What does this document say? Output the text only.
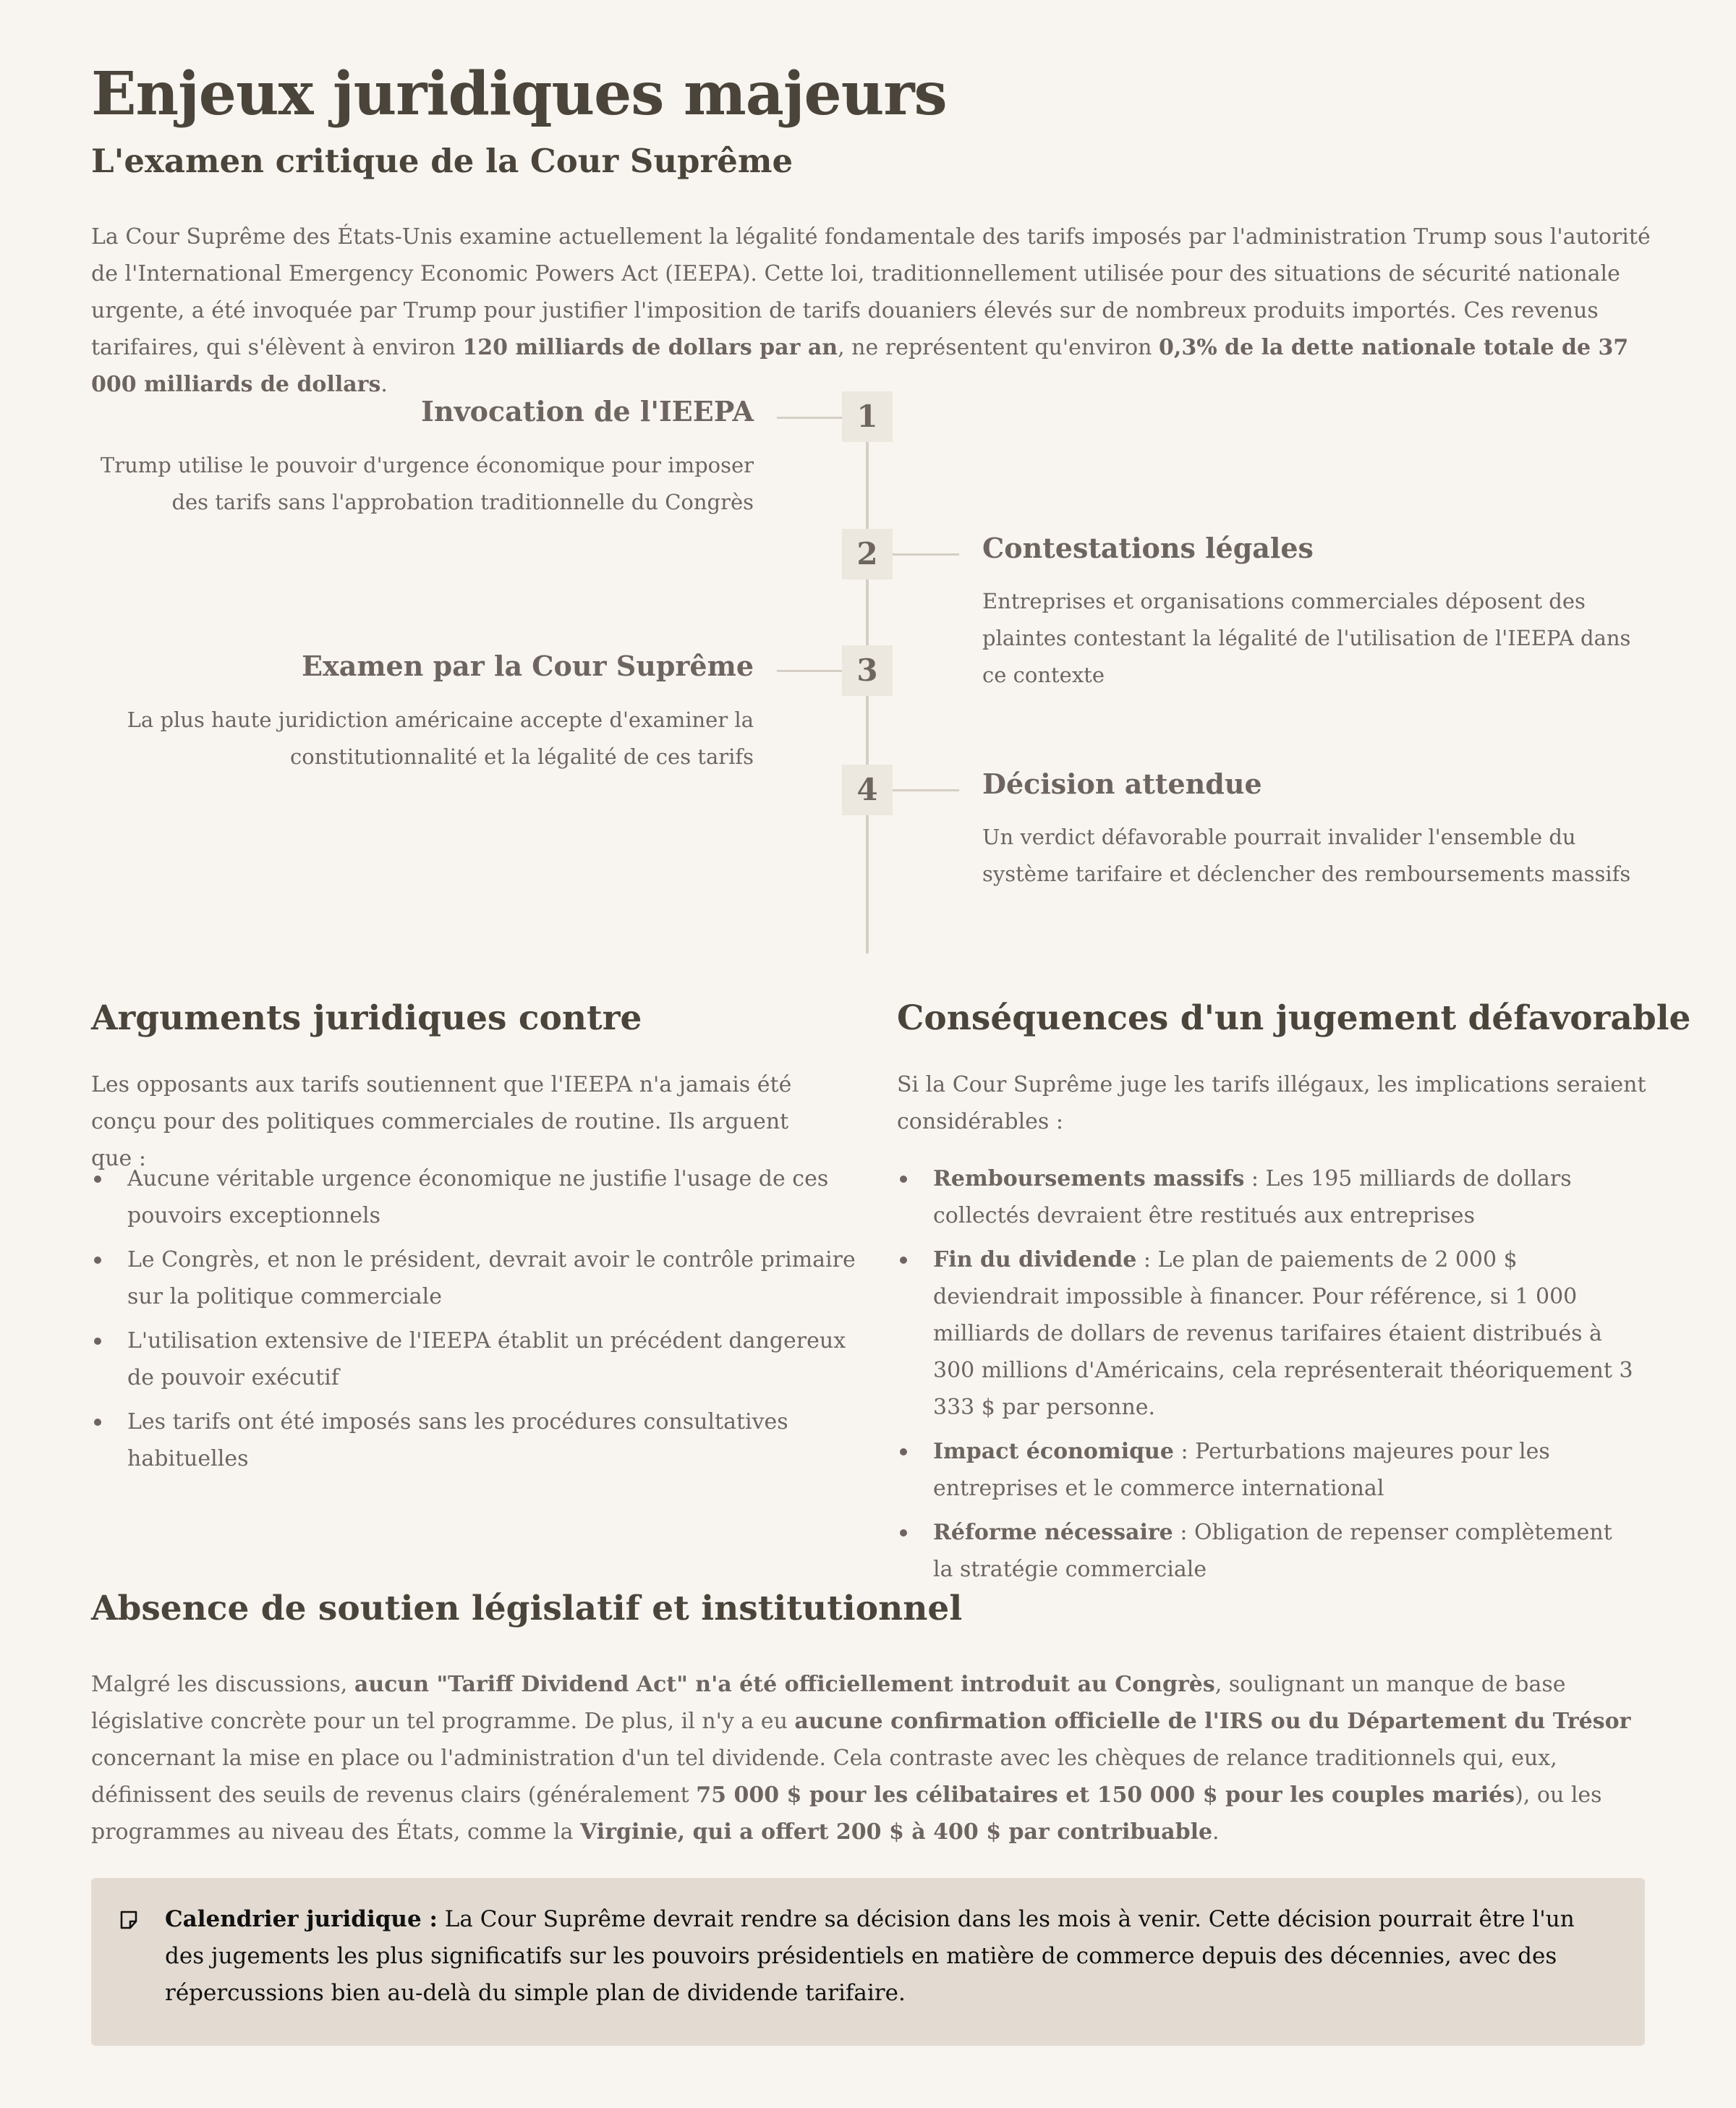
Enjeux juridiques majeurs
L'examen critique de la Cour Suprême

La Cour Suprême des États-Unis examine actuellement la légalité fondamentale des tarifs imposés par l'administration Trump sous l'autorité de l'International Emergency Economic Powers Act (IEEPA). Cette loi, traditionnellement utilisée pour des situations de sécurité nationale urgente, a été invoquée par Trump pour justifier l'imposition de tarifs douaniers élevés sur de nombreux produits importés. Ces revenus tarifaires, qui s'élèvent à environ 120 milliards de dollars par an, ne représentent qu'environ 0,3% de la dette nationale totale de 37 000 milliards de dollars.

1
Invocation de l'IEEPA
Trump utilise le pouvoir d'urgence économique pour imposer des tarifs sans l'approbation traditionnelle du Congrès
2	Contestations légales
Entreprises et organisations commerciales déposent des plaintes contestant la légalité de l'utilisation de l'IEEPA dans ce contexte
3
Examen par la Cour Suprême
La plus haute juridiction américaine accepte d'examiner la constitutionnalité et la légalité de ces tarifs
4	Décision attendue
Un verdict défavorable pourrait invalider l'ensemble du système tarifaire et déclencher des remboursements massifs
Arguments juridiques contre

Les opposants aux tarifs soutiennent que l'IEEPA n'a jamais été conçu pour des politiques commerciales de routine. Ils arguent que :

Aucune véritable urgence économique ne justifie l'usage de ces pouvoirs exceptionnels
Le Congrès, et non le président, devrait avoir le contrôle primaire sur la politique commerciale
L'utilisation extensive de l'IEEPA établit un précédent dangereux de pouvoir exécutif
Les tarifs ont été imposés sans les procédures consultatives habituelles
Conséquences d'un jugement défavorable

Si la Cour Suprême juge les tarifs illégaux, les implications seraient considérables :

Remboursements massifs : Les 195 milliards de dollars collectés devraient être restitués aux entreprises
Fin du dividende : Le plan de paiements de 2 000 $ deviendrait impossible à financer. Pour référence, si 1 000 milliards de dollars de revenus tarifaires étaient distribués à 300 millions d'Américains, cela représenterait théoriquement 3 333 $ par personne.
Impact économique : Perturbations majeures pour les entreprises et le commerce international
Réforme nécessaire : Obligation de repenser complètement la stratégie commerciale
Absence de soutien législatif et institutionnel

Malgré les discussions, aucun "Tariff Dividend Act" n'a été officiellement introduit au Congrès, soulignant un manque de base législative concrète pour un tel programme. De plus, il n'y a eu aucune confirmation officielle de l'IRS ou du Département du Trésor concernant la mise en place ou l'administration d'un tel dividende. Cela contraste avec les chèques de relance traditionnels qui, eux, définissent des seuils de revenus clairs (généralement 75 000 $ pour les célibataires et 150 000 $ pour les couples mariés), ou les programmes au niveau des États, comme la Virginie, qui a offert 200 $ à 400 $ par contribuable.

Calendrier juridique : La Cour Suprême devrait rendre sa décision dans les mois à venir. Cette décision pourrait être l'un des jugements les plus significatifs sur les pouvoirs présidentiels en matière de commerce depuis des décennies, avec des répercussions bien au-delà du simple plan de dividende tarifaire.
